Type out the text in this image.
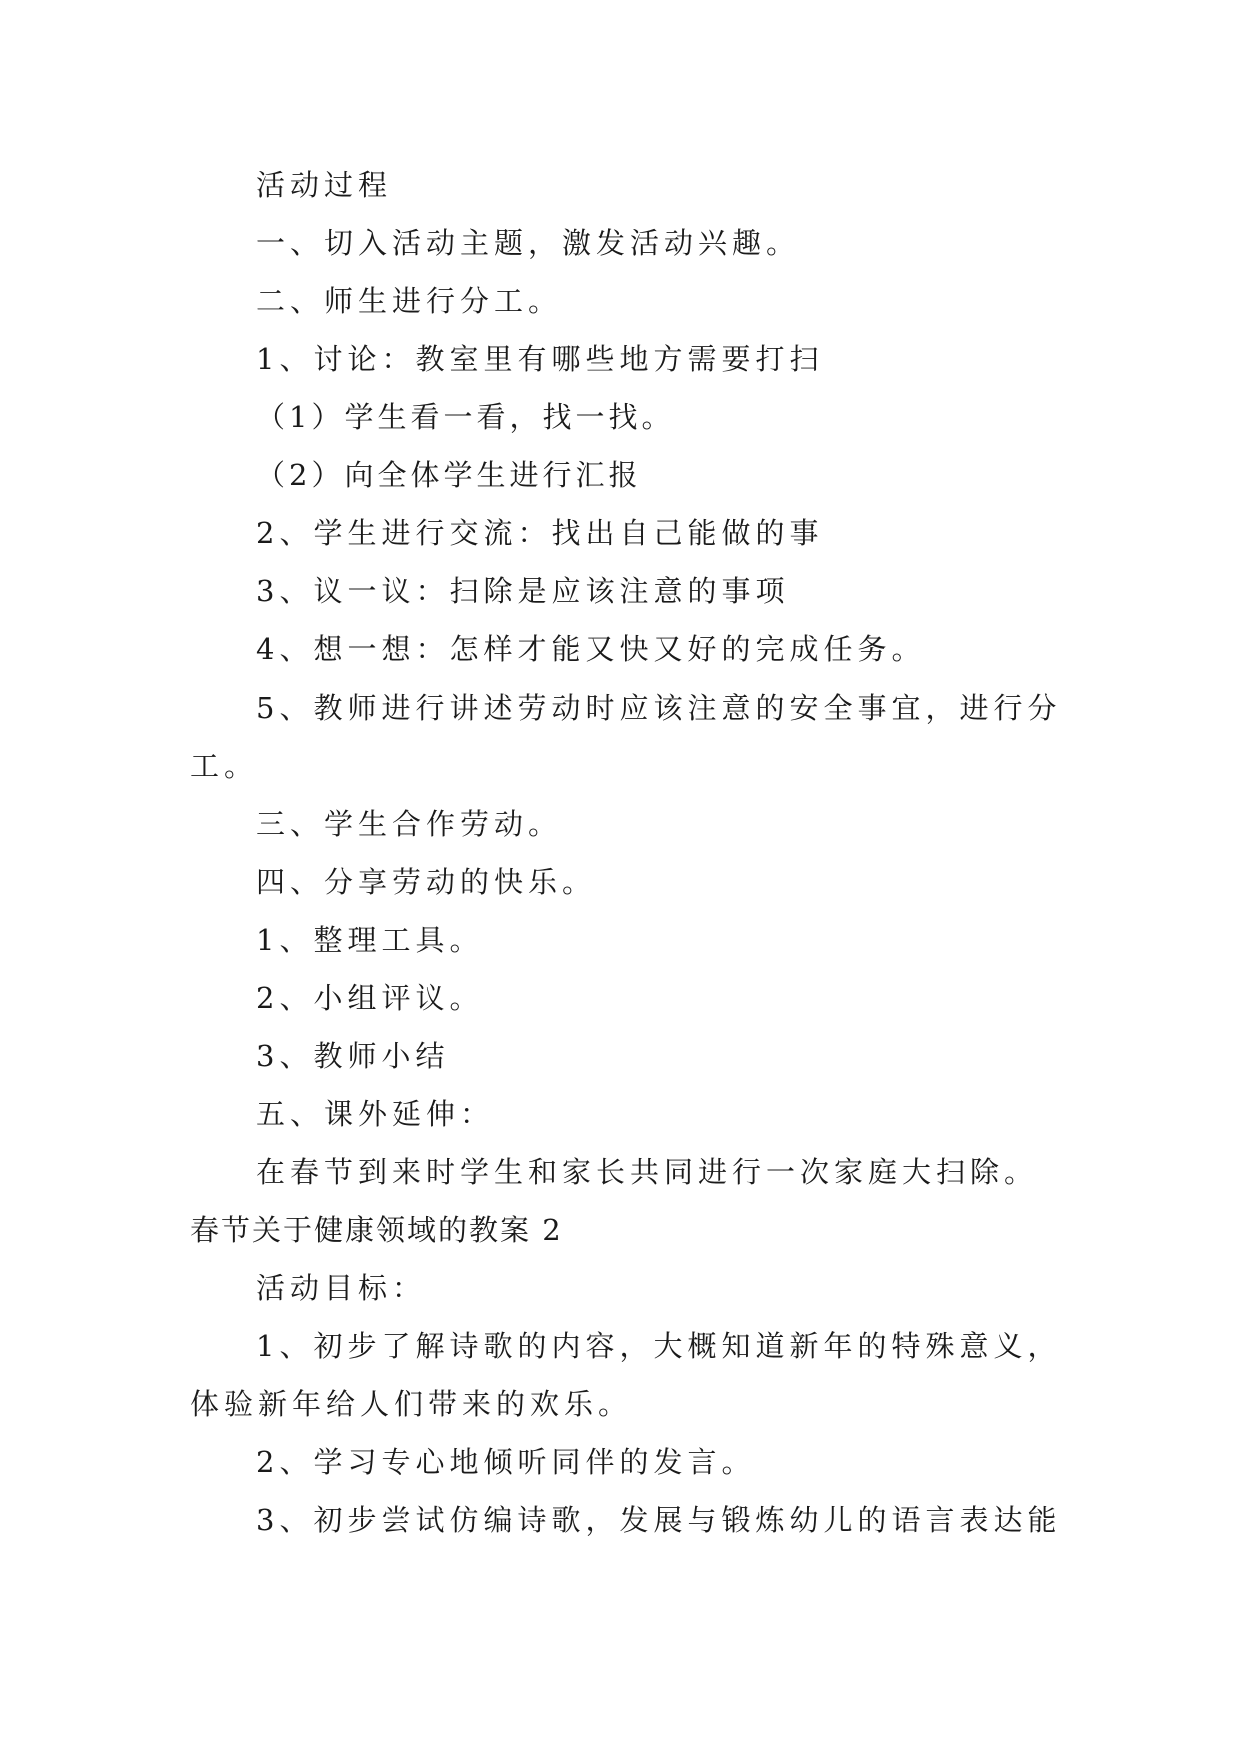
活动过程
一、切入活动主题，激发活动兴趣。
二、师生进行分工。
1、讨论：教室里有哪些地方需要打扫
（1）学生看一看，找一找。
（2）向全体学生进行汇报
2、学生进行交流：找出自己能做的事
3、议一议：扫除是应该注意的事项
4、想一想：怎样才能又快又好的完成任务。
5、教师进行讲述劳动时应该注意的安全事宜，进行分
工。
三、学生合作劳动。
四、分享劳动的快乐。
1、整理工具。
2、小组评议。
3、教师小结
五、课外延伸：
在春节到来时学生和家长共同进行一次家庭大扫除。
春节关于健康领域的教案 2
活动目标：
1、初步了解诗歌的内容，大概知道新年的特殊意义，
体验新年给人们带来的欢乐。
2、学习专心地倾听同伴的发言。
3、初步尝试仿编诗歌，发展与锻炼幼儿的语言表达能
